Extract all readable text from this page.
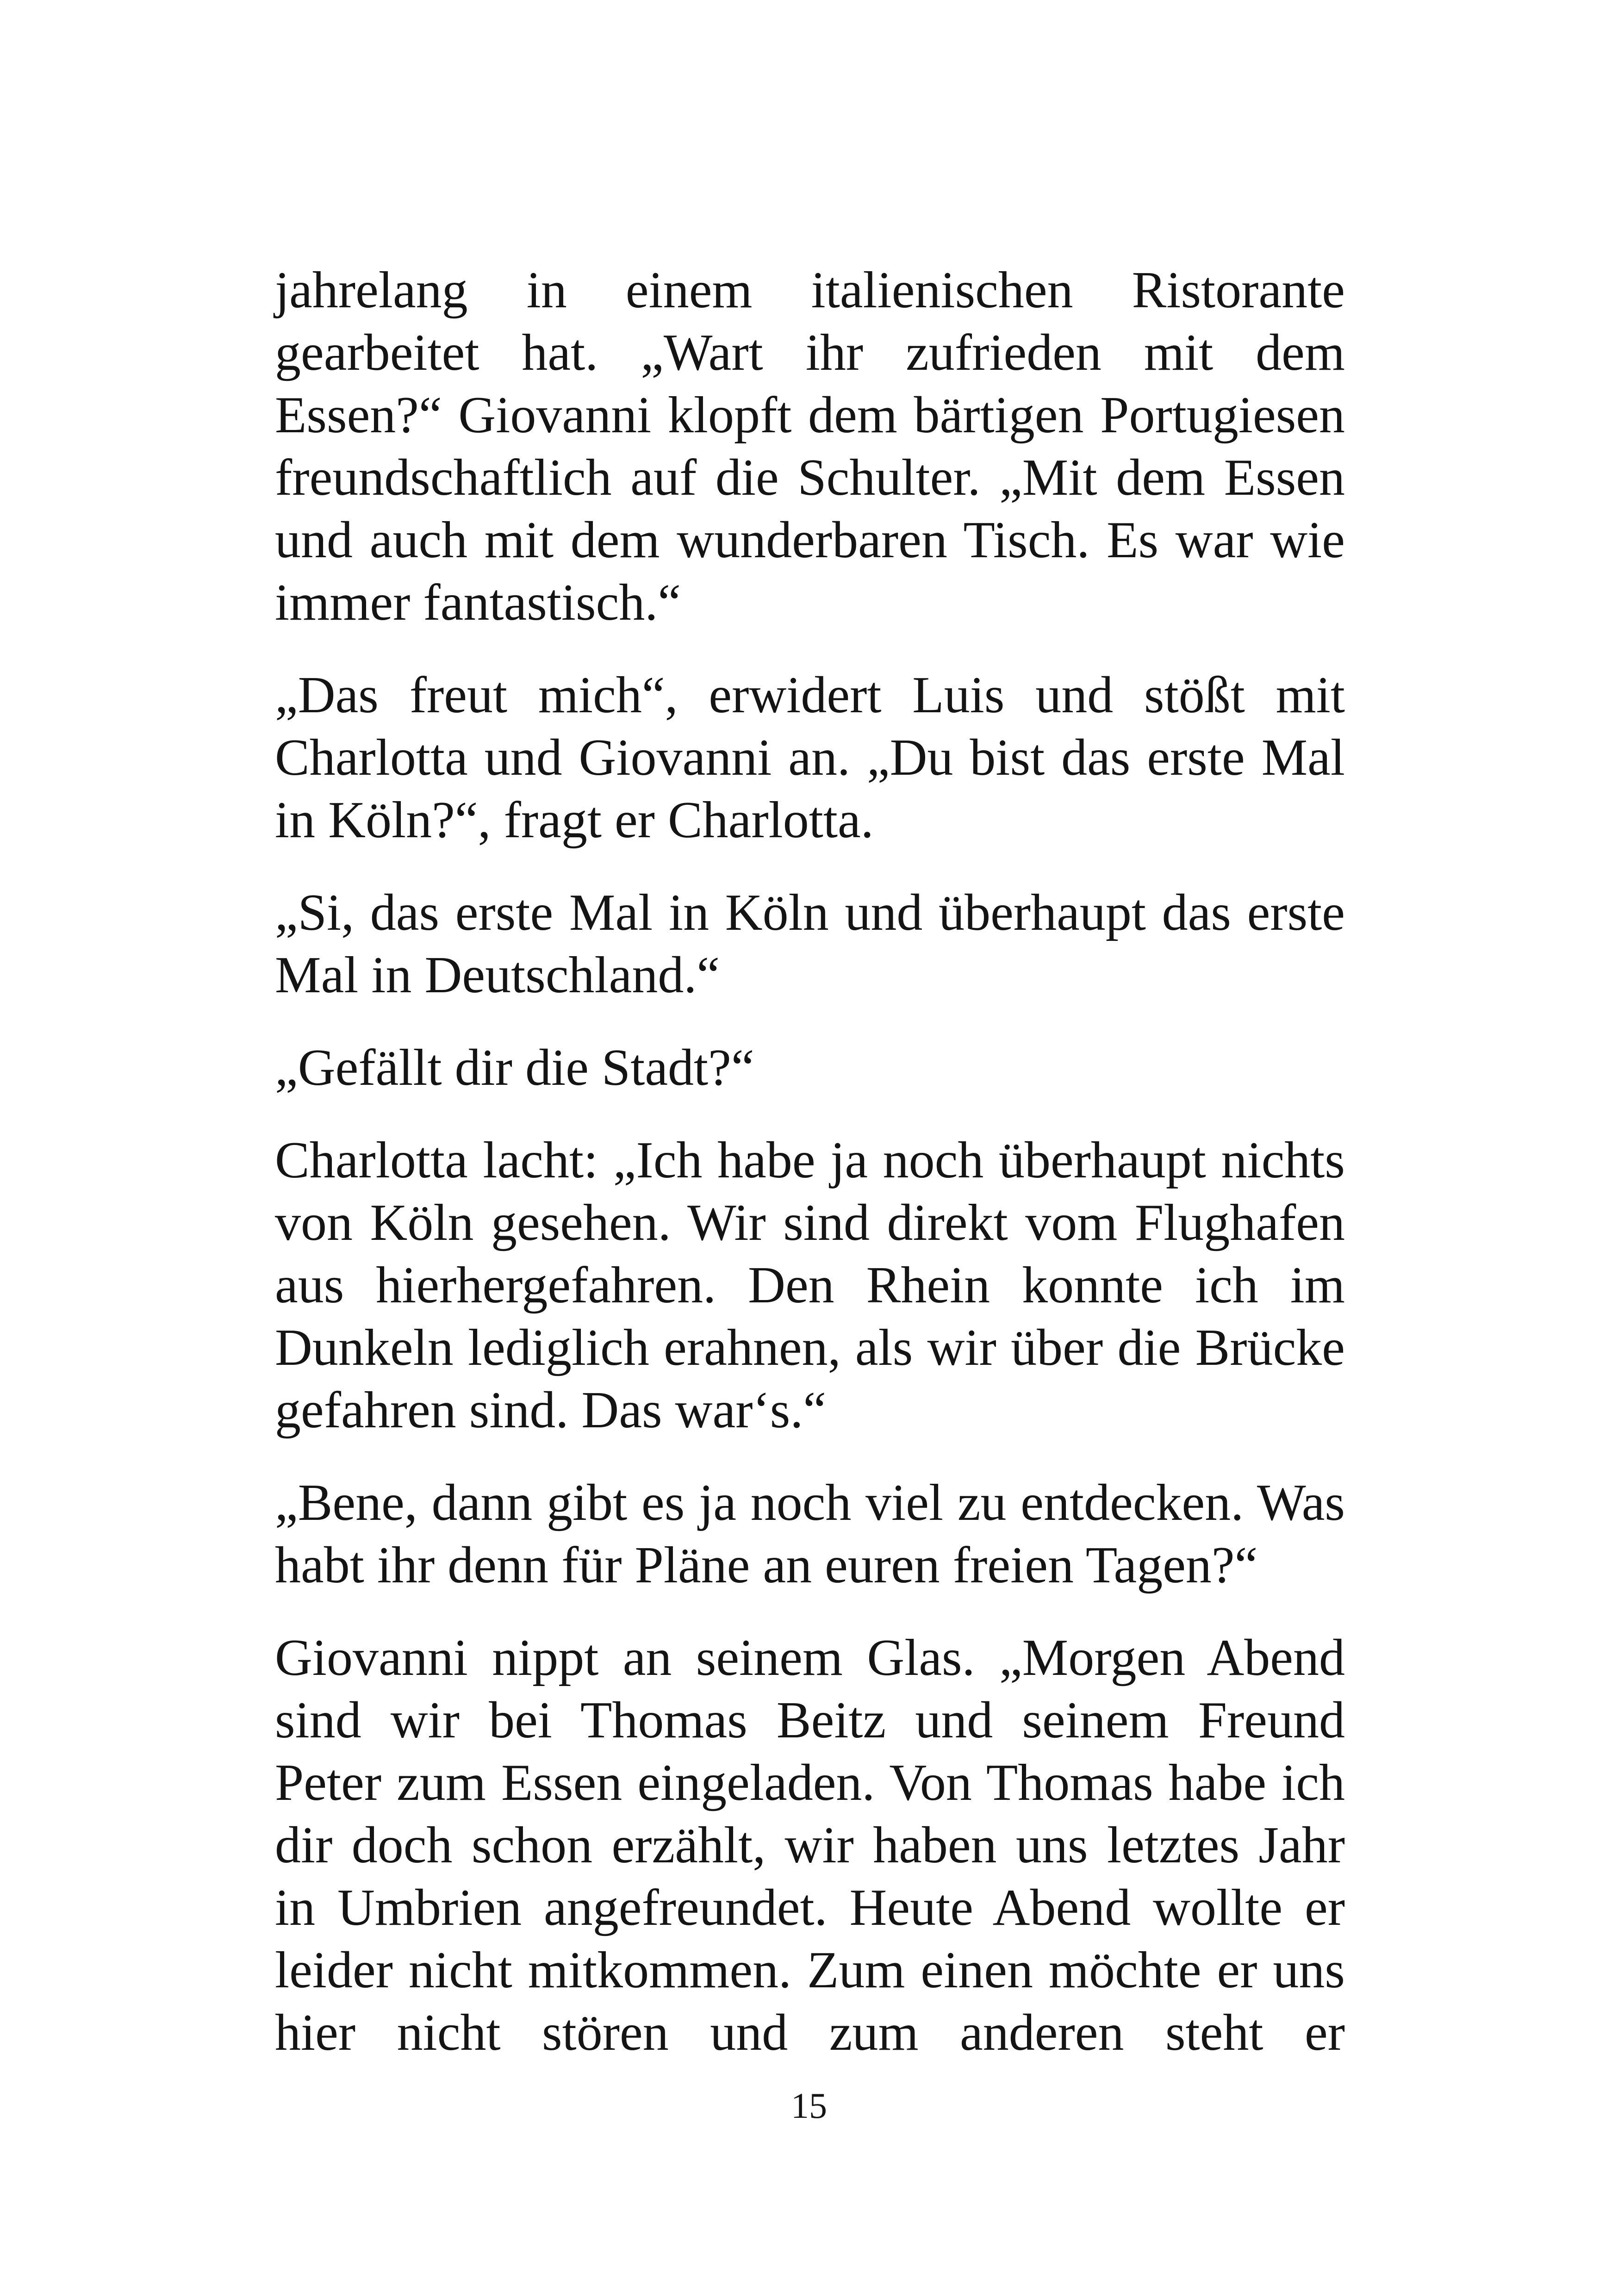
jahrelang in einem italienischen Ristorante gearbeitet hat. „Wart ihr zufrieden mit dem Essen?“ Giovanni klopft dem bärtigen Portugiesen freundschaftlich auf die Schulter. „Mit dem Essen und auch mit dem wunderbaren Tisch. Es war wie immer fantastisch.“

„Das freut mich“, erwidert Luis und stößt mit Charlotta und Giovanni an. „Du bist das erste Mal in Köln?“, fragt er Charlotta.

„Si, das erste Mal in Köln und überhaupt das erste Mal in Deutschland.“

„Gefällt dir die Stadt?“

Charlotta lacht: „Ich habe ja noch überhaupt nichts von Köln gesehen. Wir sind direkt vom Flughafen aus hierhergefahren. Den Rhein konnte ich im Dunkeln lediglich erahnen, als wir über die Brücke gefahren sind. Das war‘s.“

„Bene, dann gibt es ja noch viel zu entdecken. Was habt ihr denn für Pläne an euren freien Tagen?“

Giovanni nippt an seinem Glas. „Morgen Abend sind wir bei Thomas Beitz und seinem Freund Peter zum Essen eingeladen. Von Thomas habe ich dir doch schon erzählt, wir haben uns letztes Jahr in Umbrien angefreundet. Heute Abend wollte er leider nicht mitkommen. Zum einen möchte er uns hier nicht stören und zum anderen steht er

15
